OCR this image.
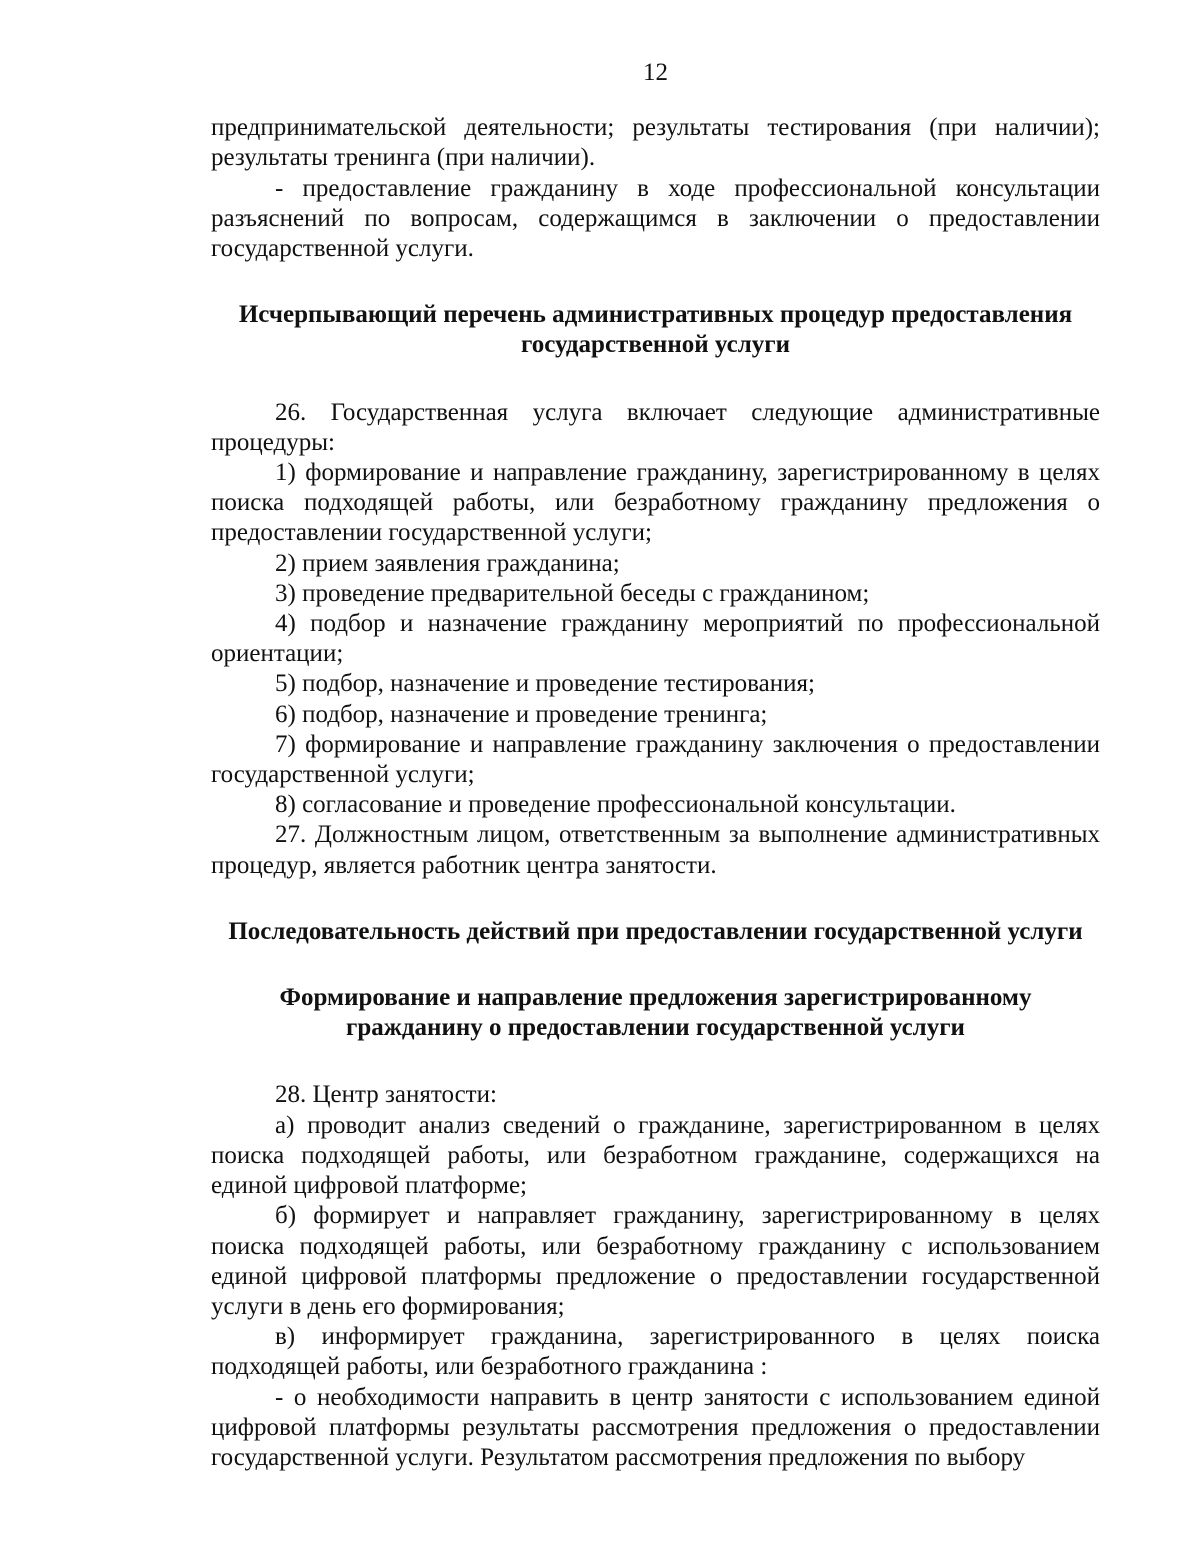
12

предпринимательской деятельности; результаты тестирования (при наличии); результаты тренинга (при наличии).

- предоставление гражданину в ходе профессиональной консультации разъяснений по вопросам, содержащимся в заключении о предоставлении государственной услуги.

Исчерпывающий перечень административных процедур предоставления государственной услуги

26. Государственная услуга включает следующие административные процедуры:

1) формирование и направление гражданину, зарегистрированному в целях поиска подходящей работы, или безработному гражданину предложения о предоставлении государственной услуги;

2) прием заявления гражданина;

3) проведение предварительной беседы с гражданином;

4) подбор и назначение гражданину мероприятий по профессиональной ориентации;

5) подбор, назначение и проведение тестирования;

6) подбор, назначение и проведение тренинга;

7) формирование и направление гражданину заключения о предоставлении государственной услуги;

8) согласование и проведение профессиональной консультации.

27. Должностным лицом, ответственным за выполнение административных процедур, является работник центра занятости.

Последовательность действий при предоставлении государственной услуги
Формирование и направление предложения зарегистрированному гражданину о предоставлении государственной услуги

28. Центр занятости:

а) проводит анализ сведений о гражданине, зарегистрированном в целях поиска подходящей работы, или безработном гражданине, содержащихся на единой цифровой платформе;

б) формирует и направляет гражданину, зарегистрированному в целях поиска подходящей работы, или безработному гражданину с использованием единой цифровой платформы предложение о предоставлении государственной услуги в день его формирования;

в) информирует гражданина, зарегистрированного в целях поиска подходящей работы, или безработного гражданина :

- о необходимости направить в центр занятости с использованием единой цифровой платформы результаты рассмотрения предложения о предоставлении государственной услуги. Результатом рассмотрения предложения по выбору
